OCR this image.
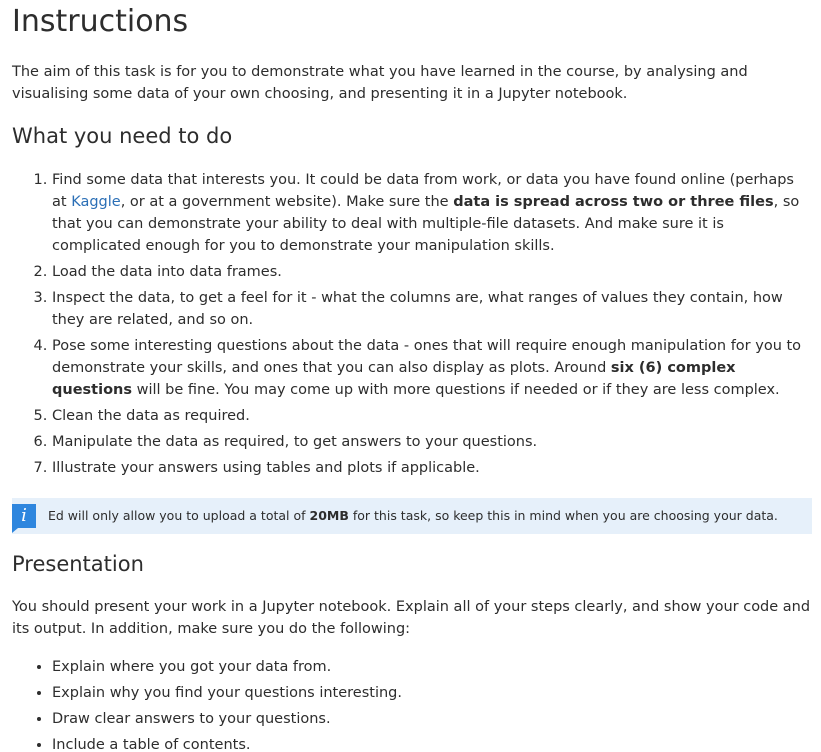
Instructions

The aim of this task is for you to demonstrate what you have learned in the course, by analysing and visualising some data of your own choosing, and presenting it in a Jupyter notebook.

What you need to do
1. Find some data that interests you. It could be data from work, or data you have found online (perhaps at Kaggle, or at a government website). Make sure the data is spread across two or three files, so that you can demonstrate your ability to deal with multiple-file datasets. And make sure it is complicated enough for you to demonstrate your manipulation skills.
2. Load the data into data frames.
3. Inspect the data, to get a feel for it - what the columns are, what ranges of values they contain, how they are related, and so on.
4. Pose some interesting questions about the data - ones that will require enough manipulation for you to demonstrate your skills, and ones that you can also display as plots. Around six (6) complex questions will be fine. You may come up with more questions if needed or if they are less complex.
5. Clean the data as required.
6. Manipulate the data as required, to get answers to your questions.
7. Illustrate your answers using tables and plots if applicable.
i	Ed will only allow you to upload a total of 20MB for this task, so keep this in mind when you are choosing your data.
Presentation

You should present your work in a Jupyter notebook. Explain all of your steps clearly, and show your code and its output. In addition, make sure you do the following:

• Explain where you got your data from.
• Explain why you find your questions interesting.
• Draw clear answers to your questions.
• Include a table of contents.
